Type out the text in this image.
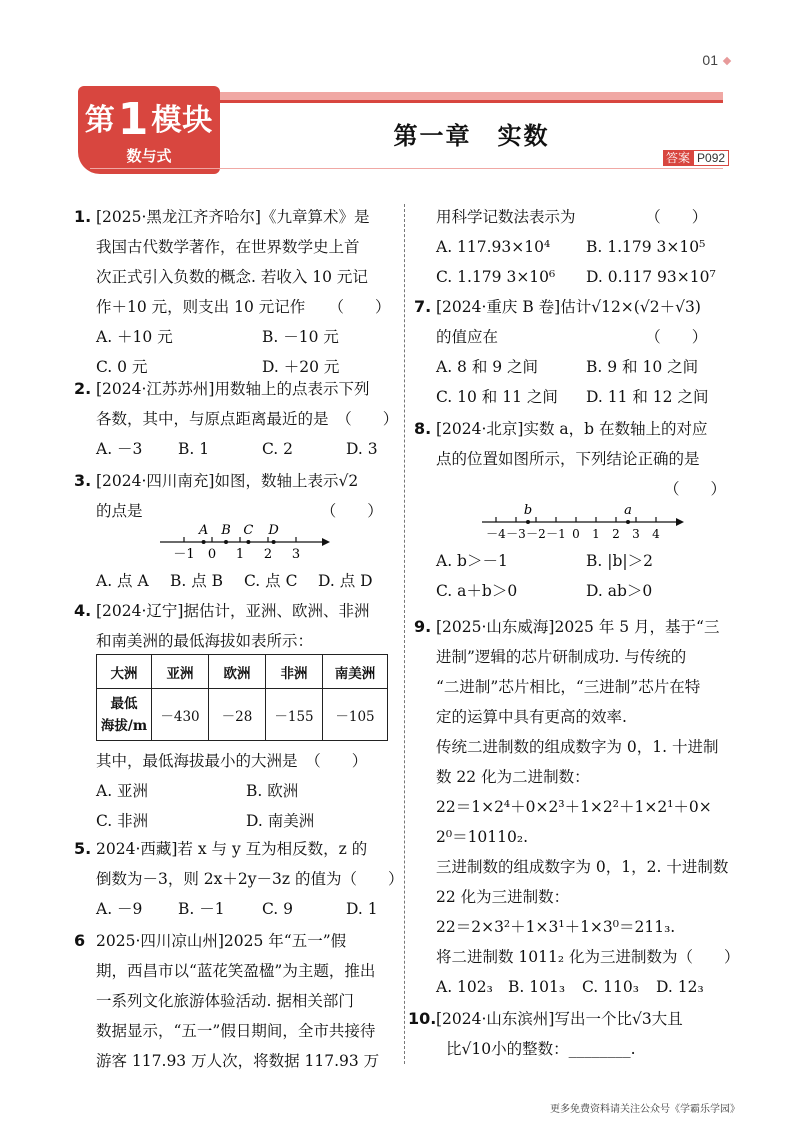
01
第1模块
数与式
第一章　实数
答案 P092
1. [2025·黑龙江齐齐哈尔]《九章算术》是
我国古代数学著作，在世界数学史上首
次正式引入负数的概念. 若收入 10 元记
作＋10 元，则支出 10 元记作　　（　　）
2. [2024·江苏苏州]用数轴上的点表示下列
各数，其中，与原点距离最近的是　（　　）
3. [2024·四川南充]如图，数轴上表示√2
的点是　　　　　　　　　　　　（　　）
4. [2024·辽宁]据估计，亚洲、欧洲、非洲
和南美洲的最低海拔如表所示：
其中，最低海拔最小的大洲是　（　　）
5. 2024·西藏]若 x 与 y 互为相反数，z 的
倒数为－3，则 2x＋2y－3z 的值为（　　）
6 2025·四川凉山州]2025 年“五一”假
期，西昌市以“蓝花笑盈楹”为主题，推出
一系列文化旅游体验活动. 据相关部门
数据显示，“五一”假日期间，全市共接待
游客 117.93 万人次，将数据 117.93 万
A. ＋10 元	B. －10 元
C. 0 元	D. ＋20 元
A. －3 B. 1	C. 2	D. 3
A. 点 A B. 点 B C. 点 C D. 点 D
A. 亚洲	B. 欧洲
C. 非洲	D. 南美洲
A. －9 B. －1 C. 9	D. 1
用科学记数法表示为　　　　　（　　）
7. [2024·重庆 B 卷]估计√12×(√2＋√3)
的值应在　　　　　　　　　　（　　）
8. [2024·北京]实数 a，b 在数轴上的对应
点的位置如图所示，下列结论正确的是
（　　）
9. [2025·山东威海]2025 年 5 月，基于“三
进制”逻辑的芯片研制成功. 与传统的
“二进制”芯片相比，“三进制”芯片在特
定的运算中具有更高的效率.
传统二进制数的组成数字为 0，1. 十进制
数 22 化为二进制数：
22＝1×2⁴＋0×2³＋1×2²＋1×2¹＋0×
2⁰＝10110₂.
三进制数的组成数字为 0，1，2. 十进制数
22 化为三进制数：
22＝2×3²＋1×3¹＋1×3⁰＝211₃.
将二进制数 1011₂ 化为三进制数为（　　）
10. [2024·山东滨州]写出一个比√3大且
比√10小的整数：________.
A. 117.93×10⁴ B. 1.179 3×10⁵
C. 1.179 3×10⁶ D. 0.117 93×10⁷
A. 8 和 9 之间	B. 9 和 10 之间
C. 10 和 11 之间 D. 11 和 12 之间
A. b＞－1	B. |b|＞2
C. a＋b＞0	D. ab＞0
A. 102₃ B. 101₃ C. 110₃ D. 12₃
大洲	亚洲	欧洲	非洲	南美洲
最低
海拔/m	－430	－28	－155	－105
－1 0 1 2 3
A B C D	－4 －3 －2 －1 0 1 2 3 4
b	a
更多免费资料请关注公众号《学霸乐学园》
